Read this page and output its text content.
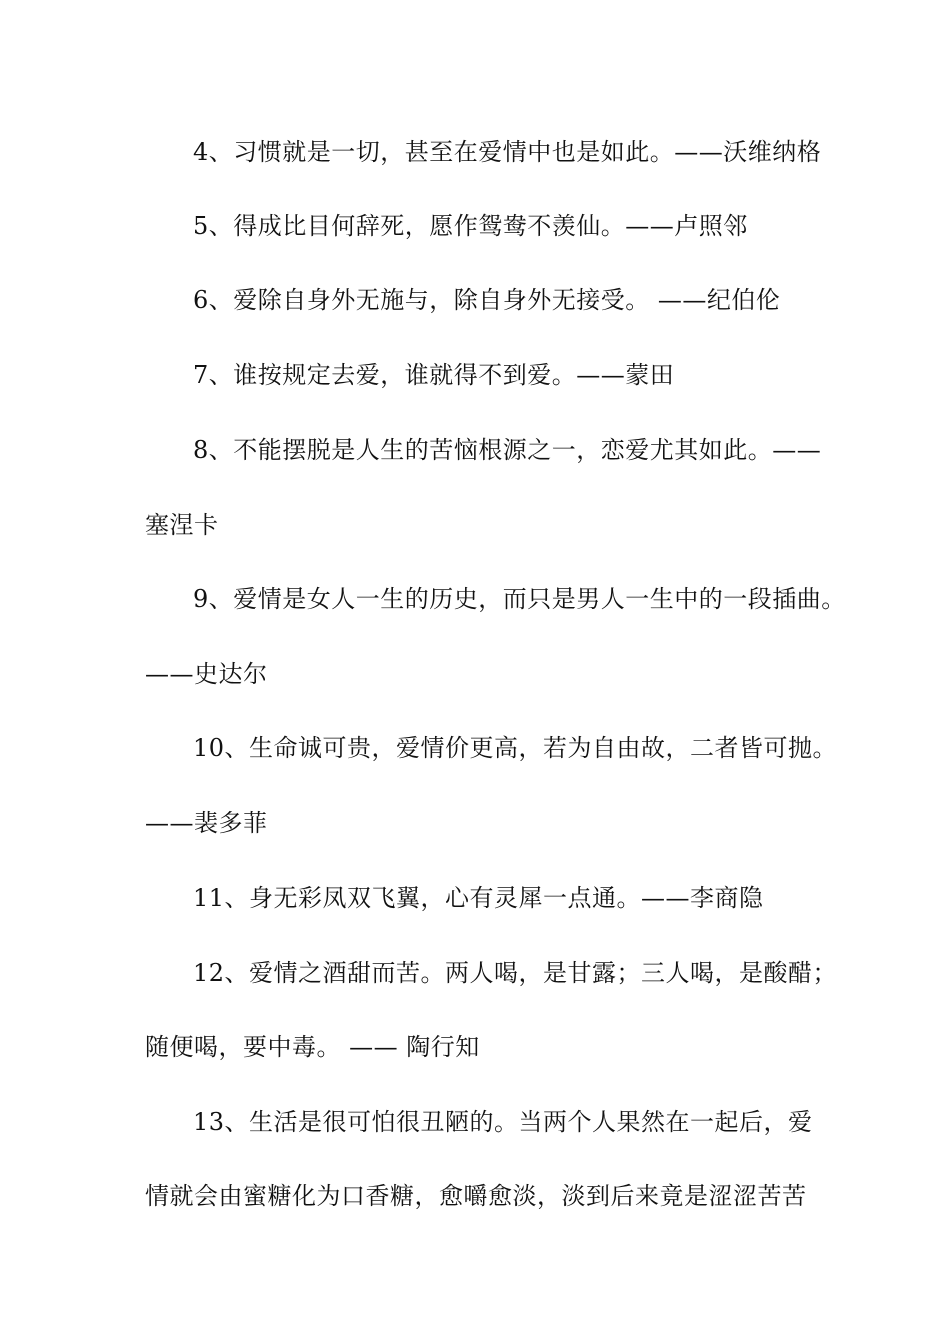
4、习惯就是一切，甚至在爱情中也是如此。——沃维纳格
5、得成比目何辞死，愿作鸳鸯不羡仙。——卢照邻
6、爱除自身外无施与，除自身外无接受。 ——纪伯伦
7、谁按规定去爱，谁就得不到爱。——蒙田
8、不能摆脱是人生的苦恼根源之一，恋爱尤其如此。——
塞涅卡
9、爱情是女人一生的历史，而只是男人一生中的一段插曲。
——史达尔
10、生命诚可贵，爱情价更高，若为自由故，二者皆可抛。
——裴多菲
11、身无彩凤双飞翼，心有灵犀一点通。——李商隐
12、爱情之酒甜而苦。两人喝，是甘露；三人喝，是酸醋；
随便喝，要中毒。 —— 陶行知
13、生活是很可怕很丑陋的。当两个人果然在一起后，爱
情就会由蜜糖化为口香糖，愈嚼愈淡，淡到后来竟是涩涩苦苦
